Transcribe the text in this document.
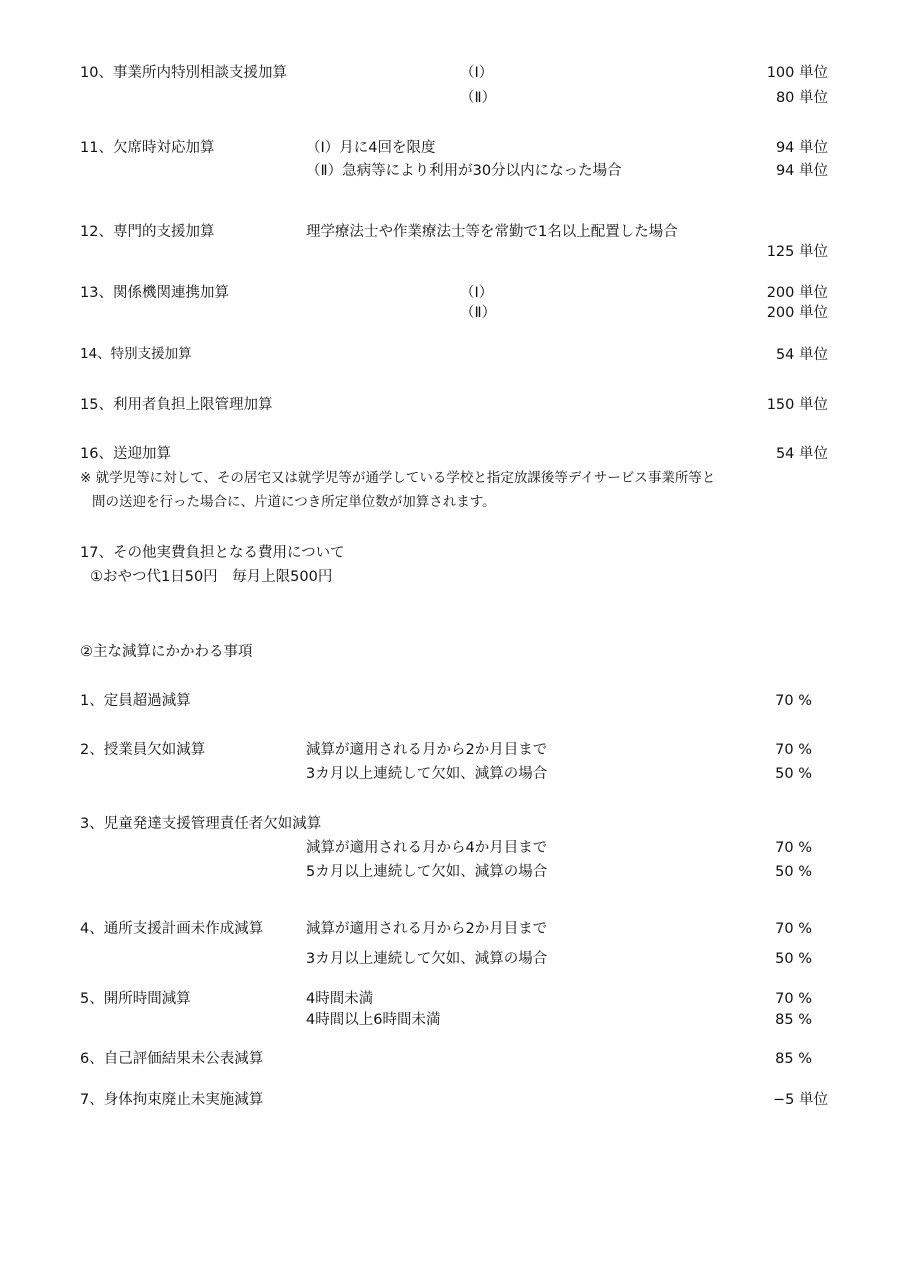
10、事業所内特別相談支援加算	（Ⅰ）	100 単位
（Ⅱ）	80 単位
11、欠席時対応加算	（Ⅰ）月に4回を限度	94 単位
（Ⅱ）急病等により利用が30分以内になった場合	94 単位
12、専門的支援加算	理学療法士や作業療法士等を常勤で1名以上配置した場合
125 単位
13、関係機関連携加算	（Ⅰ）	200 単位
（Ⅱ）	200 単位
14、特別支援加算	54 単位
15、利用者負担上限管理加算	150 単位
16、送迎加算	54 単位
※ 就学児等に対して、その居宅又は就学児等が通学している学校と指定放課後等デイサービス事業所等と
間の送迎を行った場合に、片道につき所定単位数が加算されます。
17、その他実費負担となる費用について
①おやつ代1日50円　毎月上限500円
②主な減算にかかわる事項
1、定員超過減算	70 %
2、授業員欠如減算	減算が適用される月から2か月目まで	70 %
3カ月以上連続して欠如、減算の場合	50 %
3、児童発達支援管理責任者欠如減算
減算が適用される月から4か月目まで	70 %
5カ月以上連続して欠如、減算の場合	50 %
4、通所支援計画未作成減算	減算が適用される月から2か月目まで	70 %
3カ月以上連続して欠如、減算の場合	50 %
5、開所時間減算	4時間未満	70 %
4時間以上6時間未満	85 %
6、自己評価結果未公表減算	85 %
7、身体拘束廃止未実施減算	−5 単位
